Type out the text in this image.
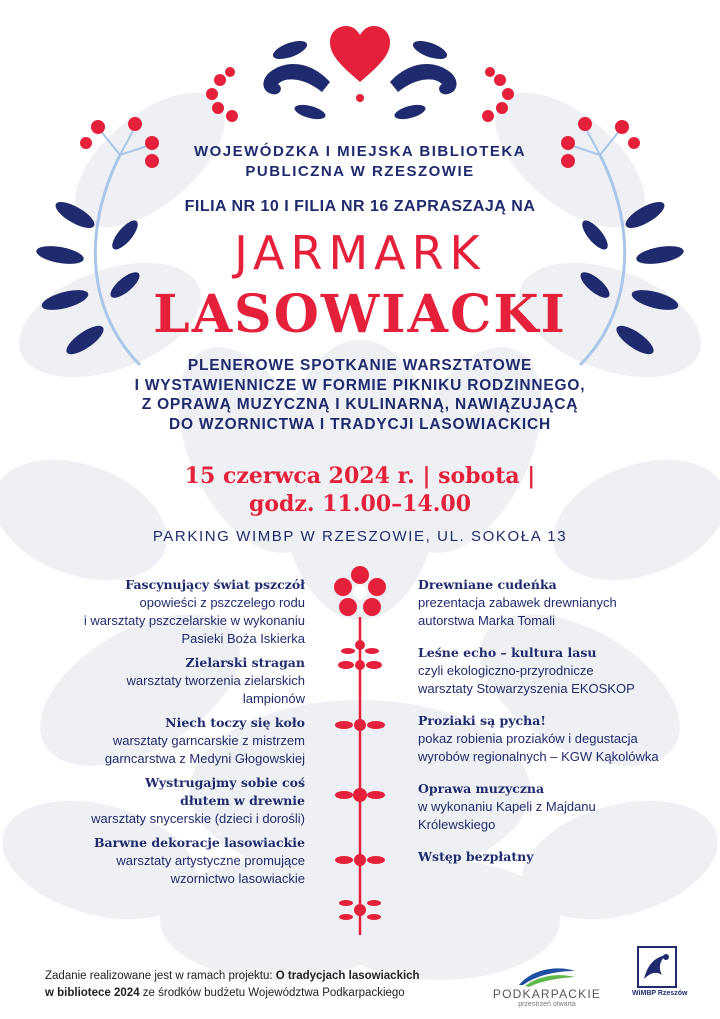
WOJEWÓDZKA I MIEJSKA BIBLIOTEKA
PUBLICZNA W RZESZOWIE
FILIA NR 10 I FILIA NR 16 ZAPRASZAJĄ NA
JARMARK
LASOWIACKI
PLENEROWE SPOTKANIE WARSZTATOWE
I WYSTAWIENNICZE W FORMIE PIKNIKU RODZINNEGO,
Z OPRAWĄ MUZYCZNĄ I KULINARNĄ, NAWIĄZUJĄCĄ
DO WZORNICTWA I TRADYCJI LASOWIACKICH
15 czerwca 2024 r. | sobota |
godz. 11.00–14.00
PARKING WIMBP W RZESZOWIE, UL. SOKOŁA 13
Fascynujący świat pszczół
opowieści z pszczelego rodu
i warsztaty pszczelarskie w wykonaniu
Pasieki Boża Iskierka
Zielarski stragan
warsztaty tworzenia zielarskich
lampionów
Niech toczy się koło
warsztaty garncarskie z mistrzem
garncarstwa z Medyni Głogowskiej
Wystrugajmy sobie coś
dłutem w drewnie
warsztaty snycerskie (dzieci i dorośli)
Barwne dekoracje lasowiackie
warsztaty artystyczne promujące
wzornictwo lasowiackie
Drewniane cudeńka
prezentacja zabawek drewnianych
autorstwa Marka Tomali
Leśne echo – kultura lasu
czyli ekologiczno-przyrodnicze
warsztaty Stowarzyszenia EKOSKOP
Proziaki są pycha!
pokaz robienia proziaków i degustacja
wyrobów regionalnych – KGW Kąkolówka
Oprawa muzyczna
w wykonaniu Kapeli z Majdanu
Królewskiego
Wstęp bezpłatny
Zadanie realizowane jest w ramach projektu: O tradycjach lasowiackich
w bibliotece 2024 ze środków budżetu Województwa Podkarpackiego	PODKARPACKIE
przestrzeń otwarta
WiMBP Rzeszów
